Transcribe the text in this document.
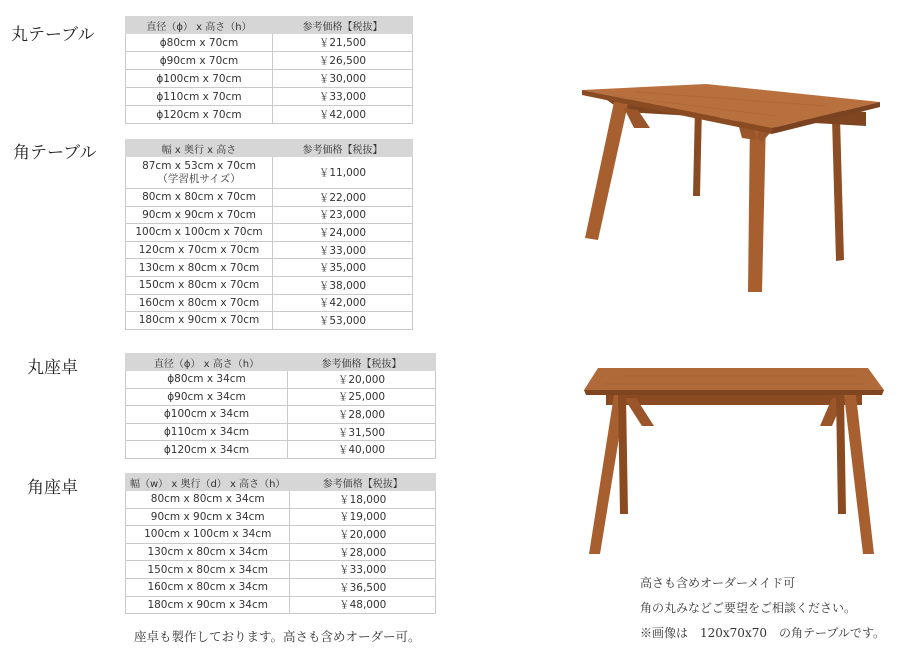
丸テーブル
角テーブル
丸座卓
角座卓
直径（ϕ） x 高さ（h）	参考価格【税抜】
ϕ80cm x 70cm	￥21,500
ϕ90cm x 70cm	￥26,500
ϕ100cm x 70cm	￥30,000
ϕ110cm x 70cm	￥33,000
ϕ120cm x 70cm	￥42,000
幅 x 奥行 x 高さ	参考価格【税抜】

87cm x 53cm x 70cm
（学習机サイズ）	￥11,000
80cm x 80cm x 70cm	￥22,000
90cm x 90cm x 70cm	￥23,000
100cm x 100cm x 70cm	￥24,000
120cm x 70cm x 70cm	￥33,000
130cm x 80cm x 70cm	￥35,000
150cm x 80cm x 70cm	￥38,000
160cm x 80cm x 70cm	￥42,000
180cm x 90cm x 70cm	￥53,000
直径（ϕ） x 高さ（h）	参考価格【税抜】
ϕ80cm x 34cm	￥20,000
ϕ90cm x 34cm	￥25,000
ϕ100cm x 34cm	￥28,000
ϕ110cm x 34cm	￥31,500
ϕ120cm x 34cm	￥40,000
幅（w） x 奥行（d） x 高さ（h）	参考価格【税抜】
80cm x 80cm x 34cm	￥18,000
90cm x 90cm x 34cm	￥19,000
100cm x 100cm x 34cm	￥20,000
130cm x 80cm x 34cm	￥28,000
150cm x 80cm x 34cm	￥33,000
160cm x 80cm x 34cm	￥36,500
180cm x 90cm x 34cm	￥48,000
座卓も製作しております。高さも含めオーダー可。
高さも含めオーダーメイド可
角の丸みなどご要望をご相談ください。
※画像は　120x70x70　の角テーブルです。
